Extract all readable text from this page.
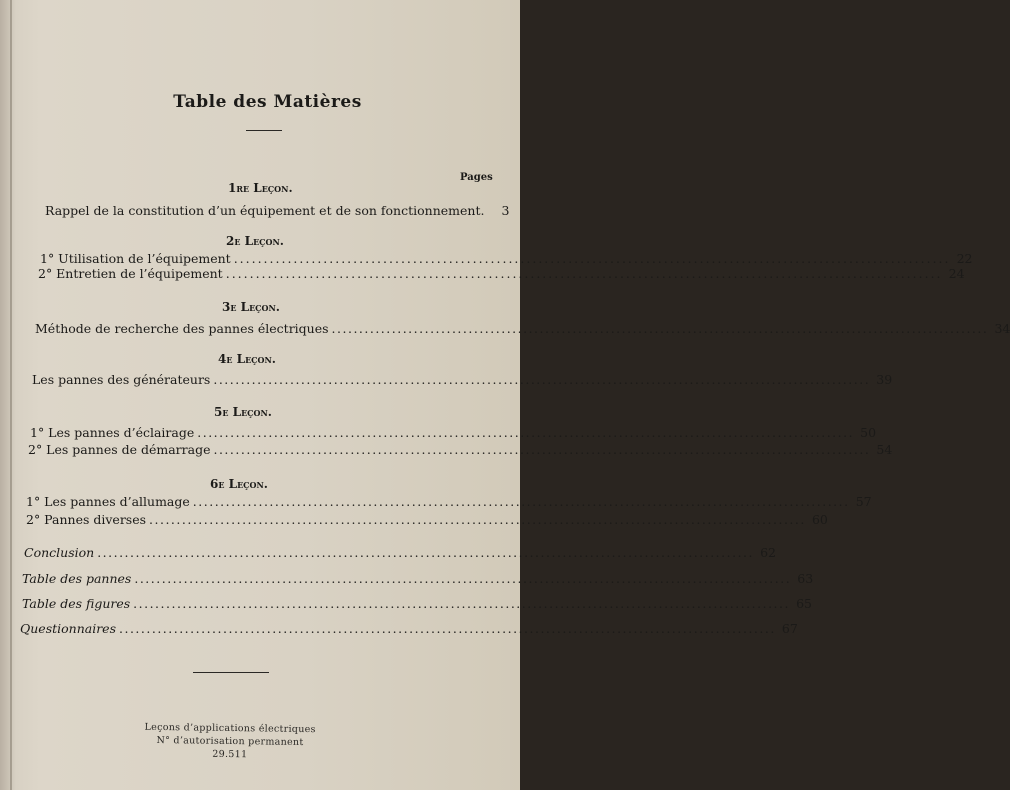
Table des Matières
Pages
1re Leçon.
Rappel de la constitution d’un équipement et de son fonctionnement.	3
2e Leçon.
1° Utilisation de l’équipement ........................................................................................................................ 22
2° Entretien de l’équipement ........................................................................................................................ 24
3e Leçon.
Méthode de recherche des pannes électriques ........................................................................................................................ 34
4e Leçon.
Les pannes des générateurs ........................................................................................................................ 39
5e Leçon.
1° Les pannes d’éclairage ........................................................................................................................ 50
2° Les pannes de démarrage ........................................................................................................................ 54
6e Leçon.
1° Les pannes d’allumage ........................................................................................................................ 57
2° Pannes diverses ........................................................................................................................ 60
Conclusion ........................................................................................................................ 62
Table des pannes ........................................................................................................................ 63
Table des figures ........................................................................................................................ 65
Questionnaires ........................................................................................................................ 67
Leçons d’applications électriques
N° d’autorisation permanent 29.511
